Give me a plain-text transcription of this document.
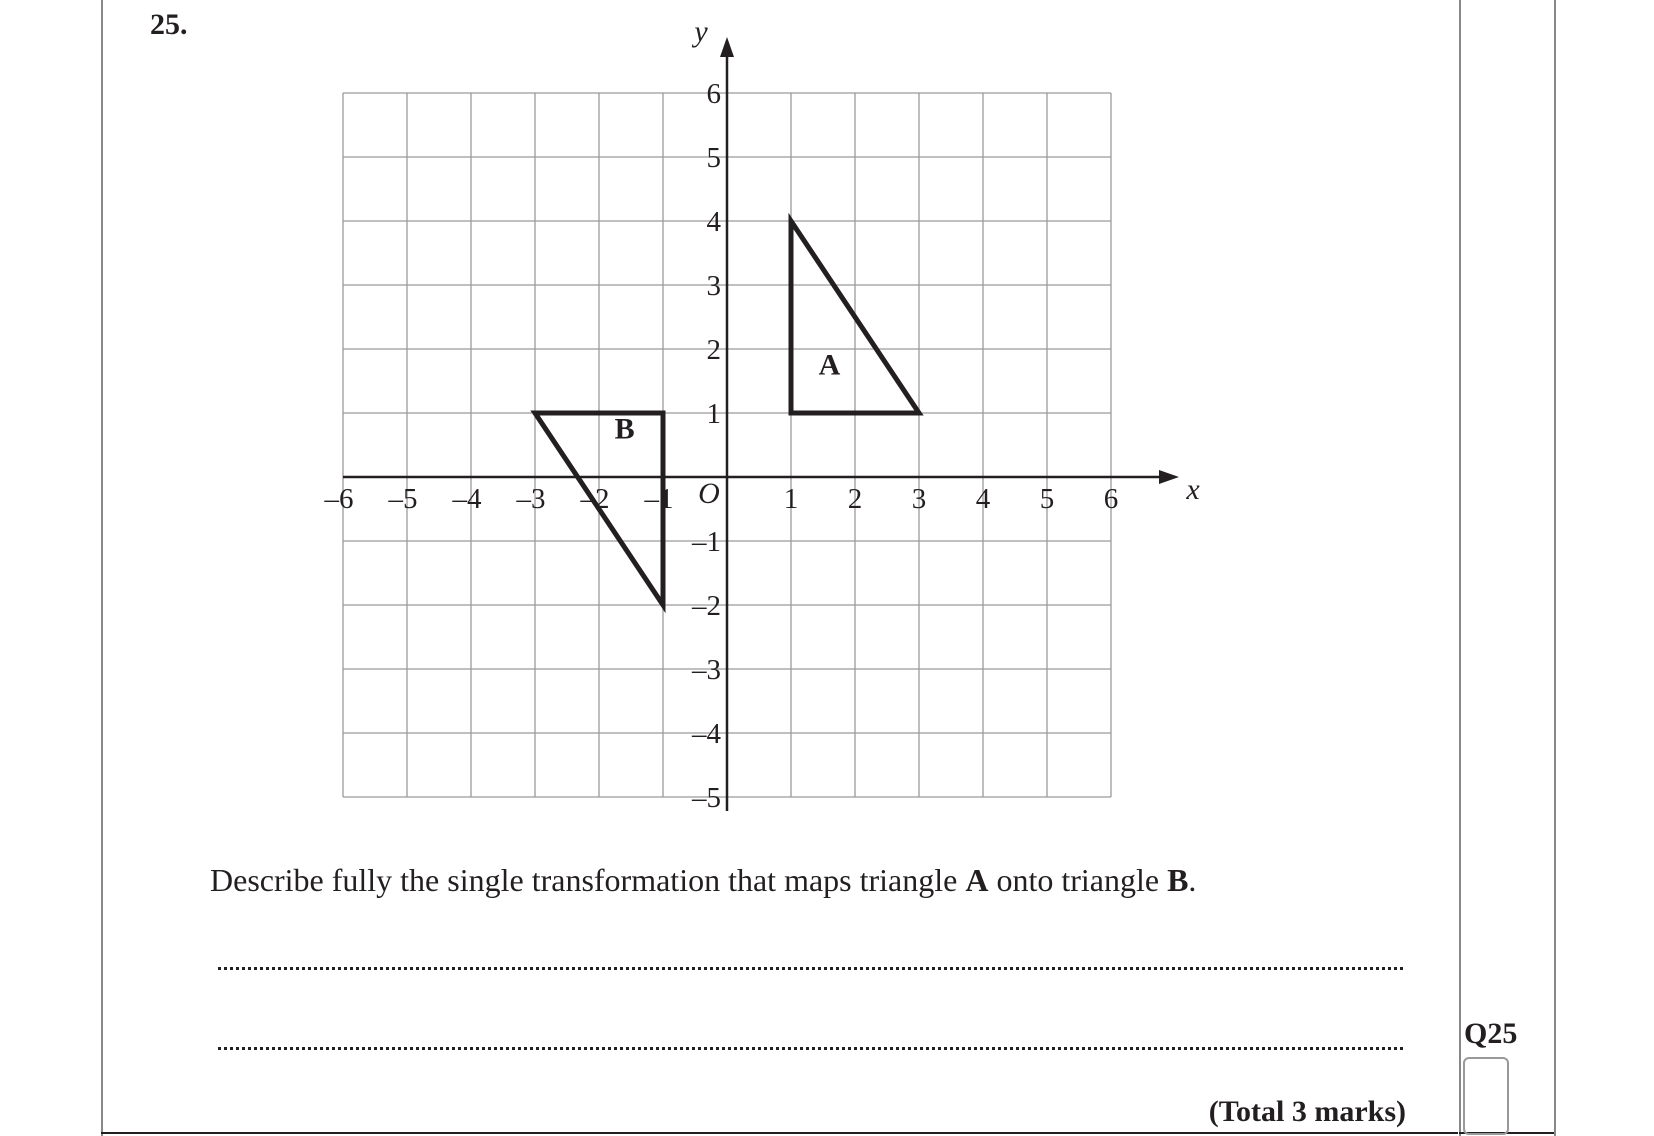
25.
x
y
O
–6 –5 –4 –3 –2 –1	1 2 3 4 5 6
6
5
4
3
2
1
–1
–2
–3
–4
–5
A
B
Describe fully the single transformation that maps triangle A onto triangle B.
(Total 3 marks)
Q25
